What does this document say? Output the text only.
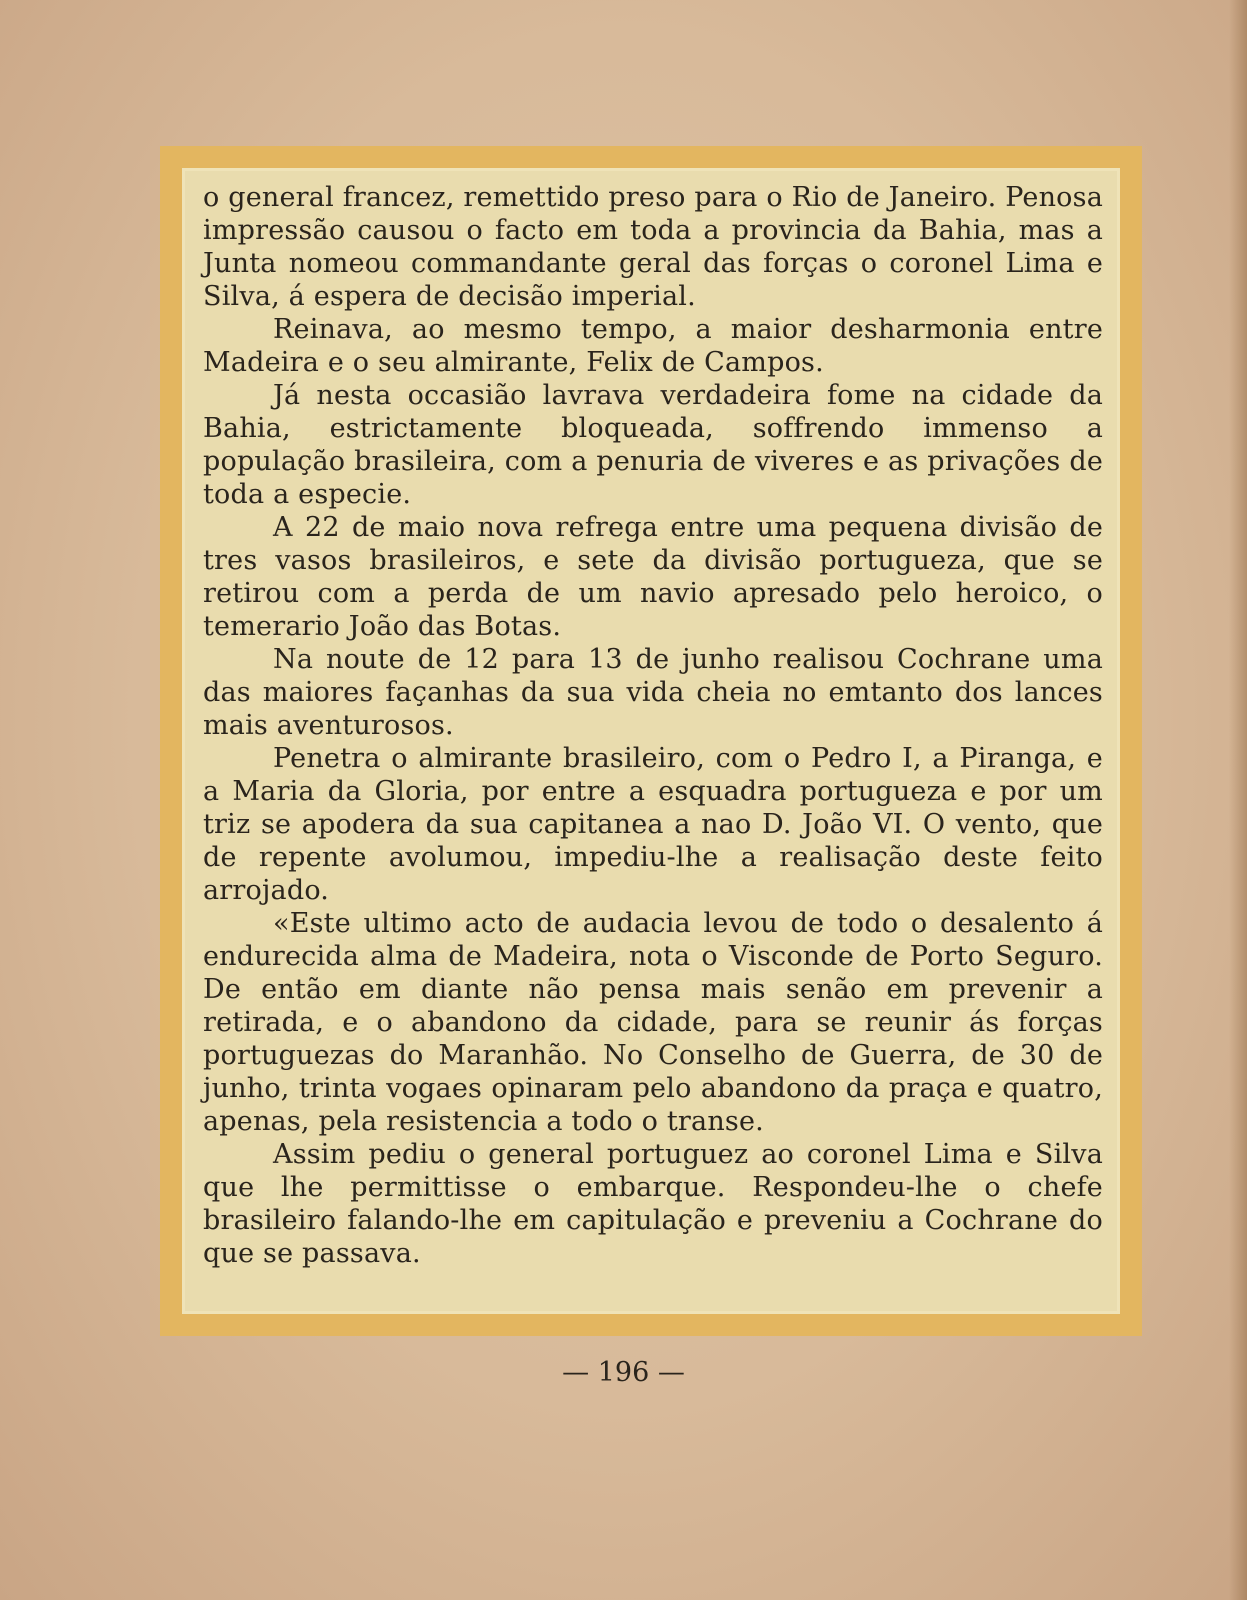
o general francez, remettido preso para o Rio de Janeiro. Penosa impressão causou o facto em toda a provincia da Bahia, mas a Junta nomeou commandante geral das forças o coronel Lima e Silva, á espera de decisão imperial.

Reinava, ao mesmo tempo, a maior desharmonia entre Madeira e o seu almirante, Felix de Campos.

Já nesta occasião lavrava verdadeira fome na cidade da Bahia, estrictamente bloqueada, soffrendo immenso a população brasileira, com a penuria de viveres e as privações de toda a especie.

A 22 de maio nova refrega entre uma pequena divisão de tres vasos brasileiros, e sete da divisão portugueza, que se retirou com a perda de um navio apresado pelo heroico, o temerario João das Botas.

Na noute de 12 para 13 de junho realisou Cochrane uma das maiores façanhas da sua vida cheia no emtanto dos lances mais aventurosos.

Penetra o almirante brasileiro, com o Pedro I, a Piranga, e a Maria da Gloria, por entre a esquadra portugueza e por um triz se apodera da sua capitanea a nao D. João VI. O vento, que de repente avolumou, impediu-lhe a realisação deste feito arrojado.

«Este ultimo acto de audacia levou de todo o desalento á endurecida alma de Madeira, nota o Visconde de Porto Seguro. De então em diante não pensa mais senão em prevenir a retirada, e o abandono da cidade, para se reunir ás forças portuguezas do Maranhão. No Conselho de Guerra, de 30 de junho, trinta vogaes opinaram pelo abandono da praça e quatro, apenas, pela resistencia a todo o transe.

Assim pediu o general portuguez ao coronel Lima e Silva que lhe permittisse o embarque. Respondeu-lhe o chefe brasileiro falando-lhe em capitulação e preveniu a Cochrane do que se passava.

— 196 —
